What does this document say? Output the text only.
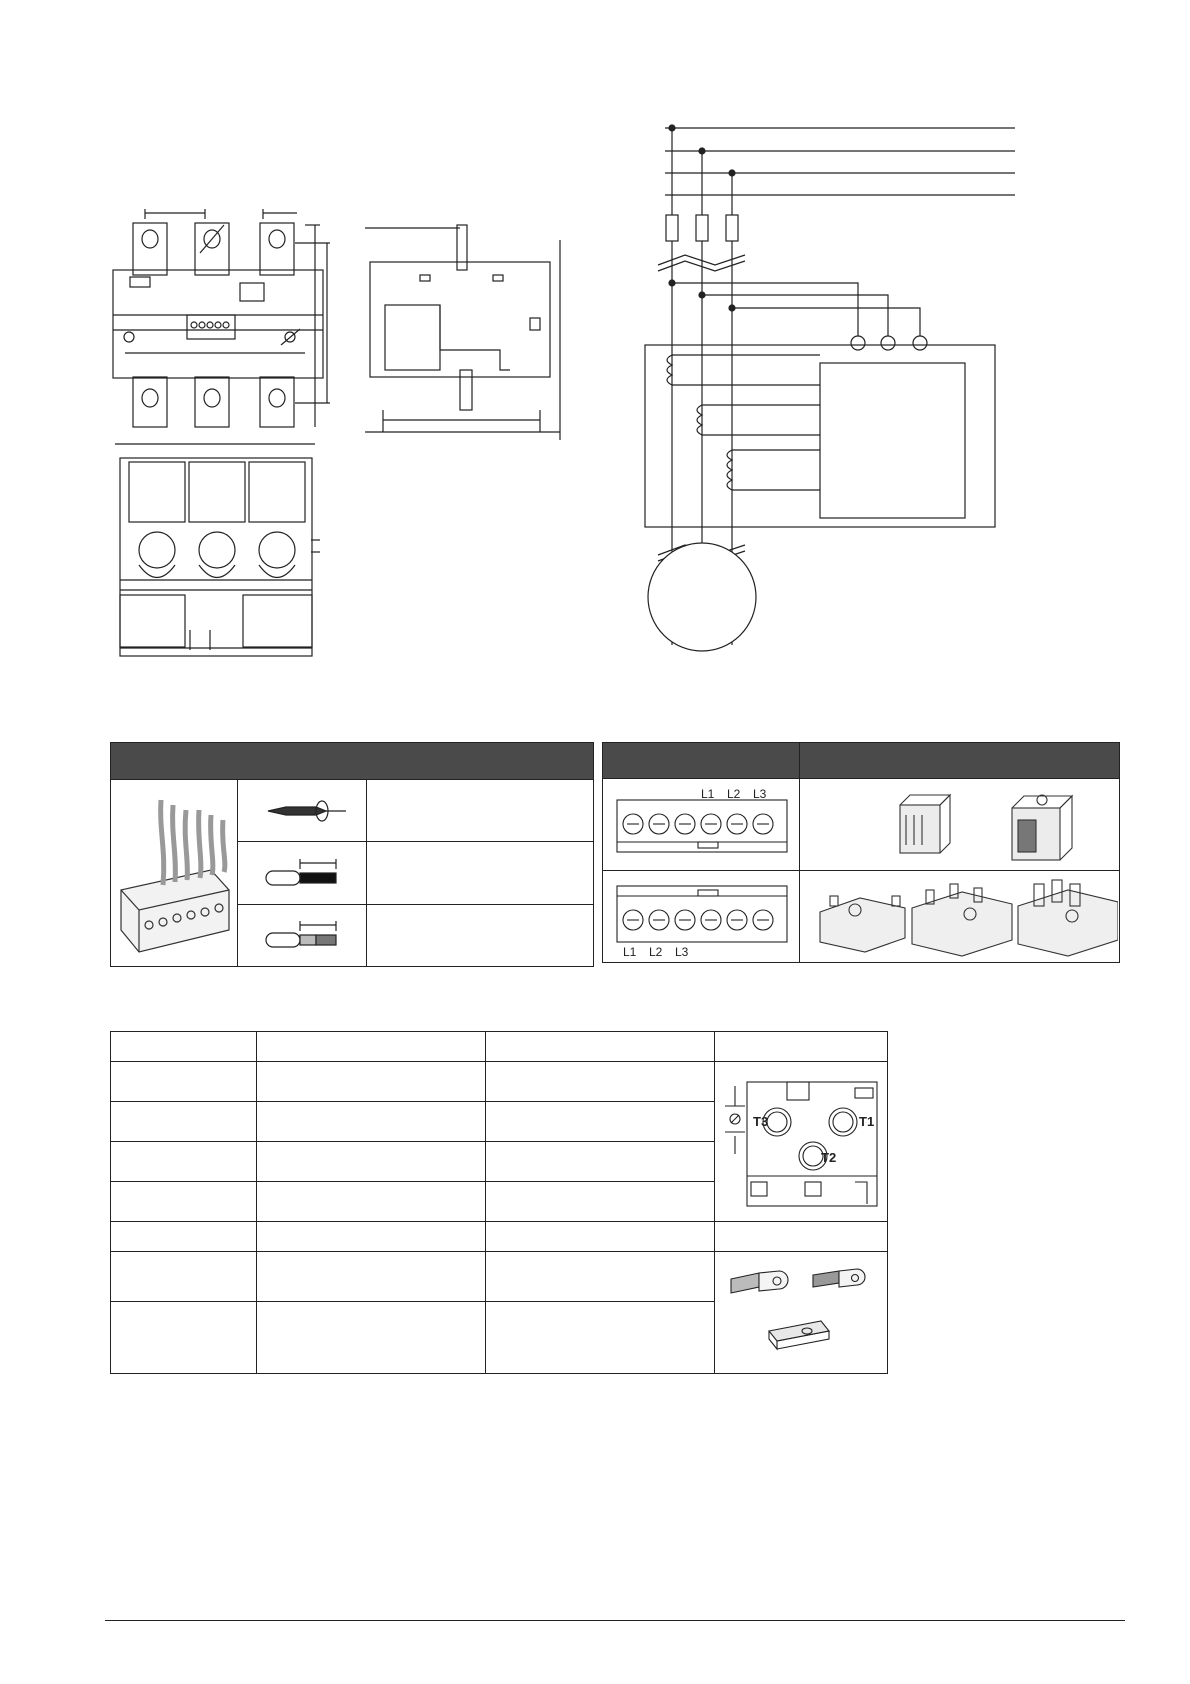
L1 L2 L3

L1 L2 L3

T3 T1
T2
